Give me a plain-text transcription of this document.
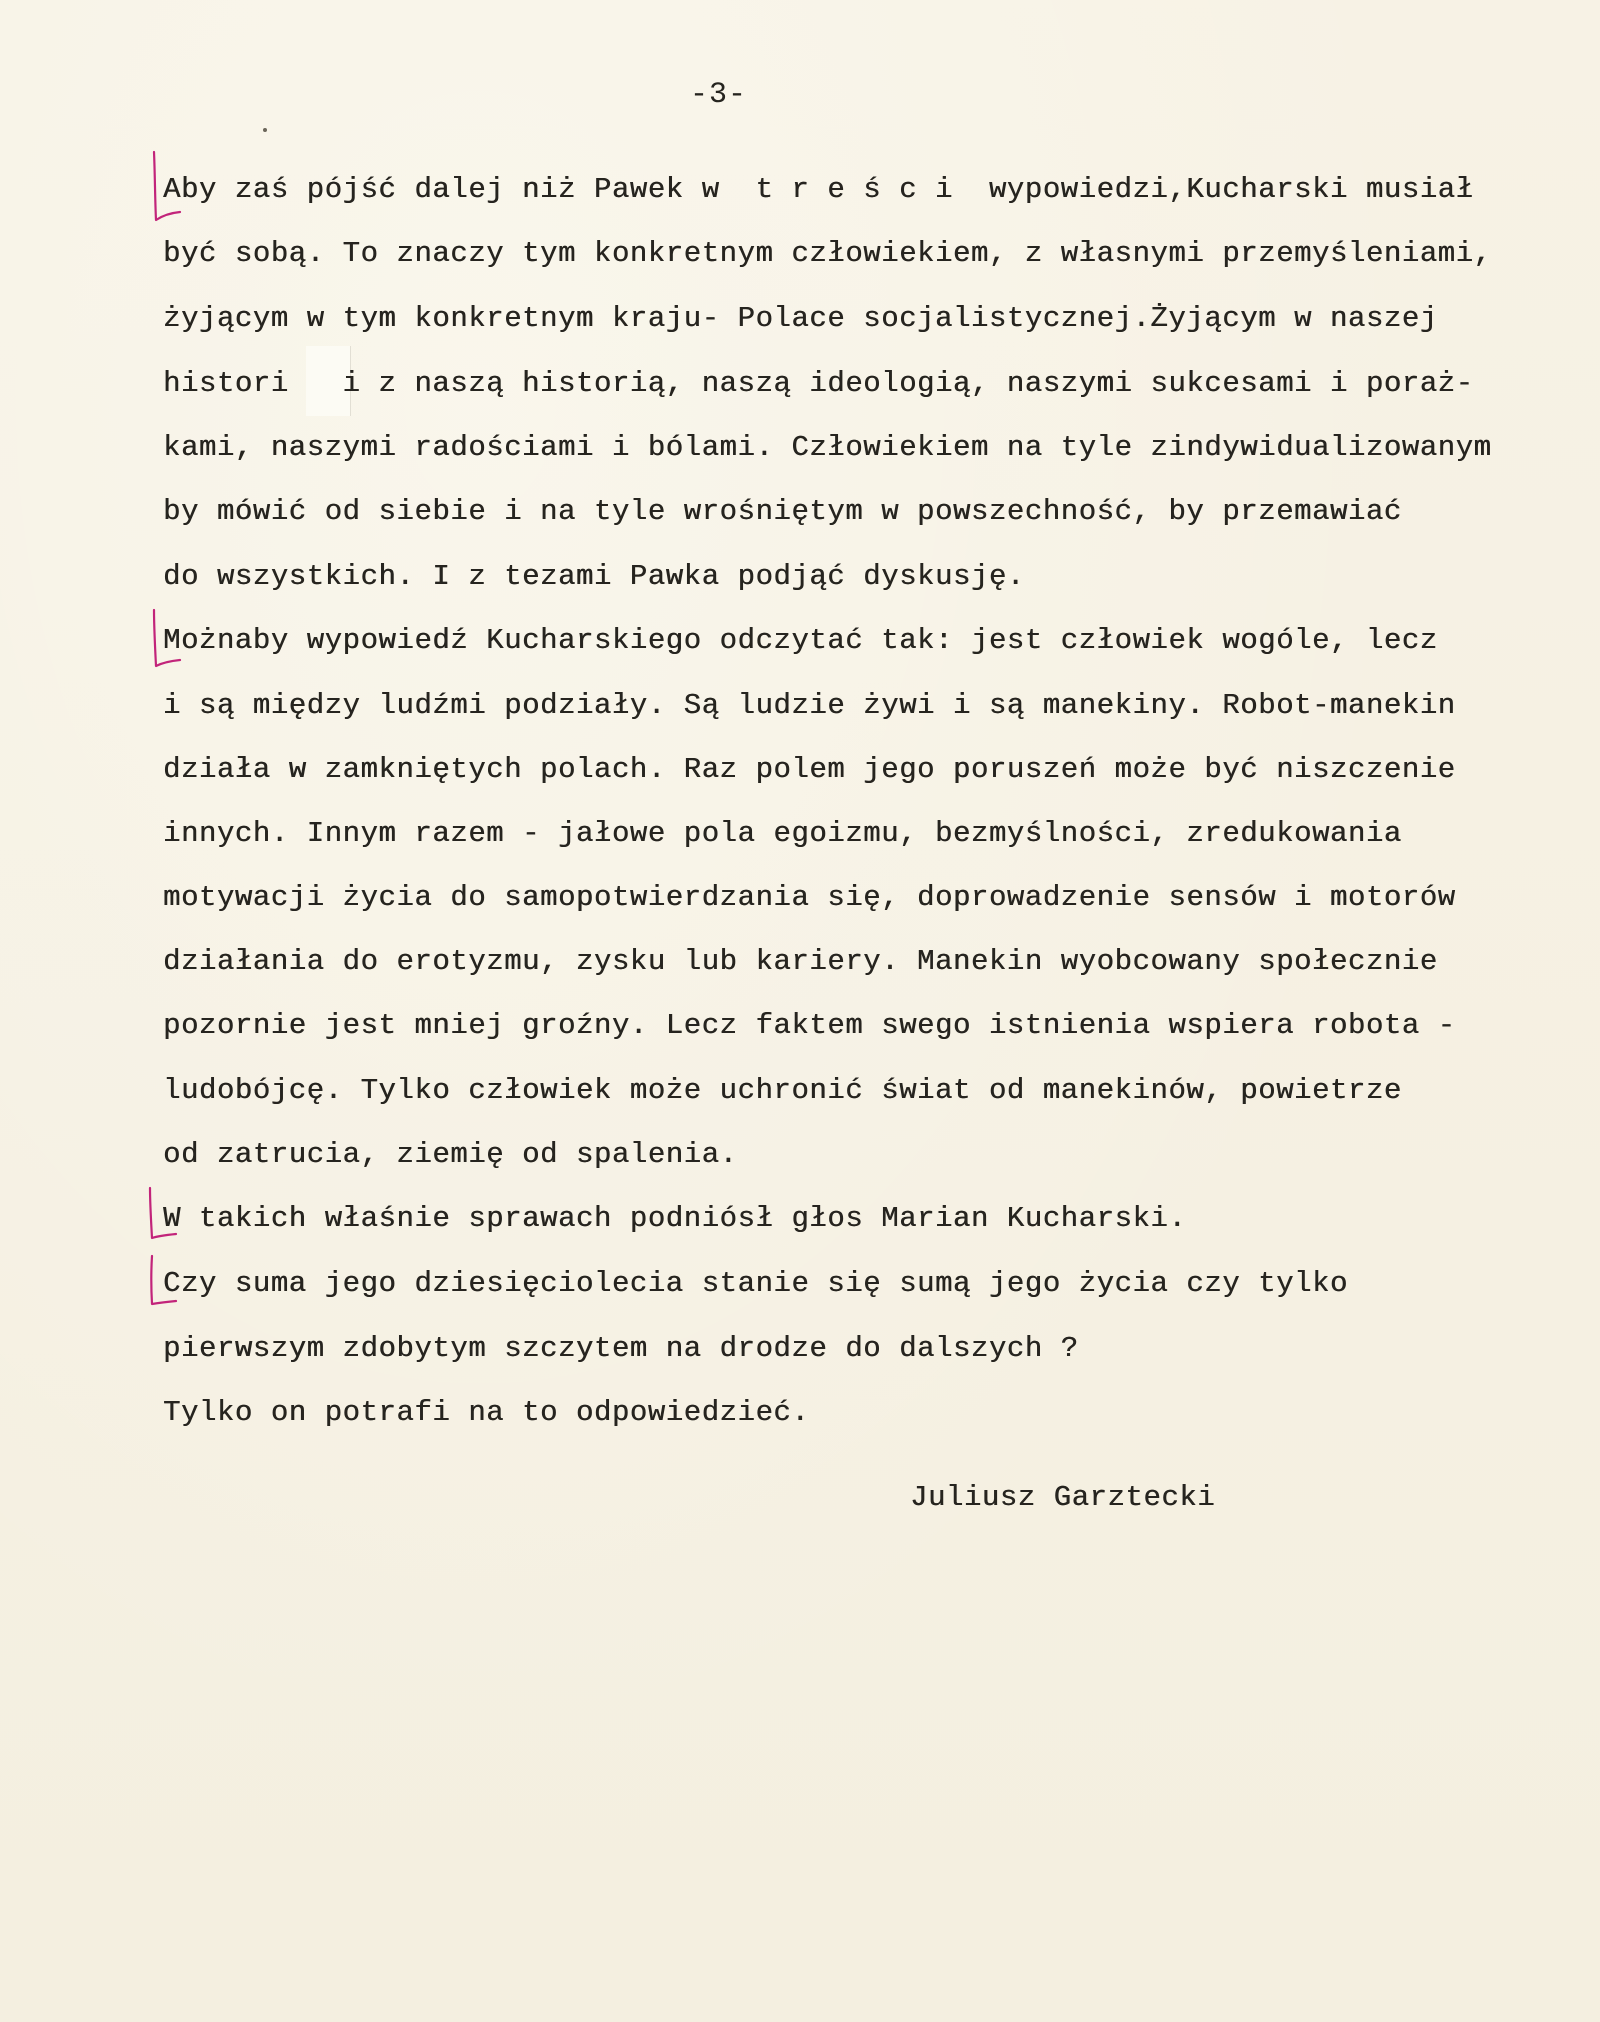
-3-
Aby zaś pójść dalej niż Pawek w  t r e ś c i  wypowiedzi,Kucharski musiał
być sobą. To znaczy tym konkretnym człowiekiem, z własnymi przemyśleniami,
żyjącym w tym konkretnym kraju- Polace socjalistycznej.Żyjącym w naszej
histori   i z naszą historią, naszą ideologią, naszymi sukcesami i poraż-
kami, naszymi radościami i bólami. Człowiekiem na tyle zindywidualizowanym
by mówić od siebie i na tyle wrośniętym w powszechność, by przemawiać
do wszystkich. I z tezami Pawka podjąć dyskusję.
Możnaby wypowiedź Kucharskiego odczytać tak: jest człowiek wogóle, lecz
i są między ludźmi podziały. Są ludzie żywi i są manekiny. Robot-manekin
działa w zamkniętych polach. Raz polem jego poruszeń może być niszczenie
innych. Innym razem - jałowe pola egoizmu, bezmyślności, zredukowania
motywacji życia do samopotwierdzania się, doprowadzenie sensów i motorów
działania do erotyzmu, zysku lub kariery. Manekin wyobcowany społecznie
pozornie jest mniej groźny. Lecz faktem swego istnienia wspiera robota -
ludobójcę. Tylko człowiek może uchronić świat od manekinów, powietrze
od zatrucia, ziemię od spalenia.
W takich właśnie sprawach podniósł głos Marian Kucharski.
Czy suma jego dziesięciolecia stanie się sumą jego życia czy tylko
pierwszym zdobytym szczytem na drodze do dalszych ?
Tylko on potrafi na to odpowiedzieć.
Juliusz Garztecki
